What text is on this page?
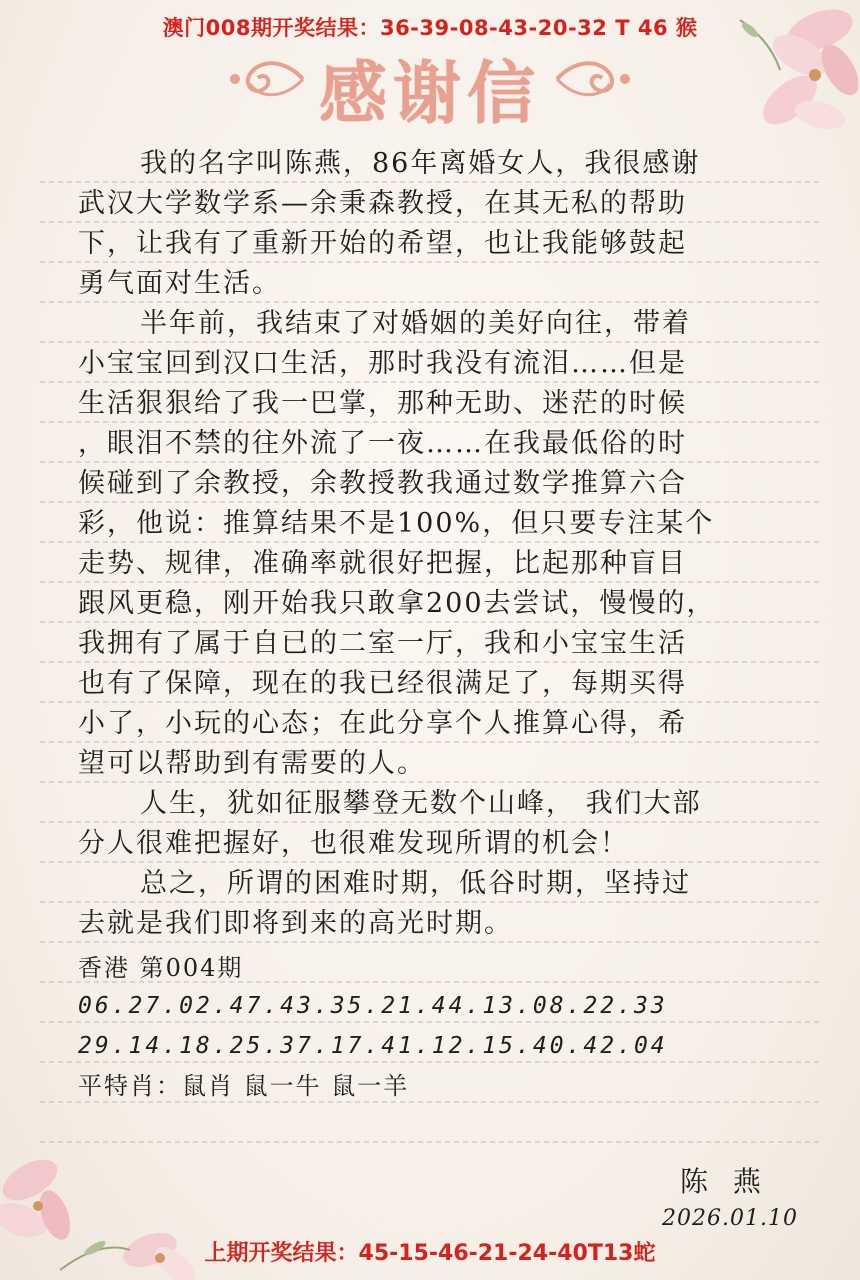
澳门008期开奖结果：36-39-08-43-20-32 T 46 猴
感谢信
我的名字叫陈燕，86年离婚女人，我很感谢
武汉大学数学系—余秉森教授，在其无私的帮助
下，让我有了重新开始的希望，也让我能够鼓起
勇气面对生活。
半年前，我结束了对婚姻的美好向往，带着
小宝宝回到汉口生活，那时我没有流泪……但是
生活狠狠给了我一巴掌，那种无助、迷茫的时候
，眼泪不禁的往外流了一夜……在我最低俗的时
候碰到了余教授，余教授教我通过数学推算六合
彩，他说：推算结果不是100%，但只要专注某个
走势、规律，准确率就很好把握，比起那种盲目
跟风更稳，刚开始我只敢拿200去尝试，慢慢的，
我拥有了属于自已的二室一厅，我和小宝宝生活
也有了保障，现在的我已经很满足了，每期买得
小了，小玩的心态；在此分享个人推算心得，希
望可以帮助到有需要的人。
人生，犹如征服攀登无数个山峰， 我们大部
分人很难把握好，也很难发现所谓的机会！
总之，所谓的困难时期，低谷时期，坚持过
去就是我们即将到来的高光时期。
香港 第004期
06.27.02.47.43.35.21.44.13.08.22.33
29.14.18.25.37.17.41.12.15.40.42.04
平特肖：鼠肖 鼠一牛 鼠一羊
陈 燕
2026.01.10
上期开奖结果：45-15-46-21-24-40T13蛇
